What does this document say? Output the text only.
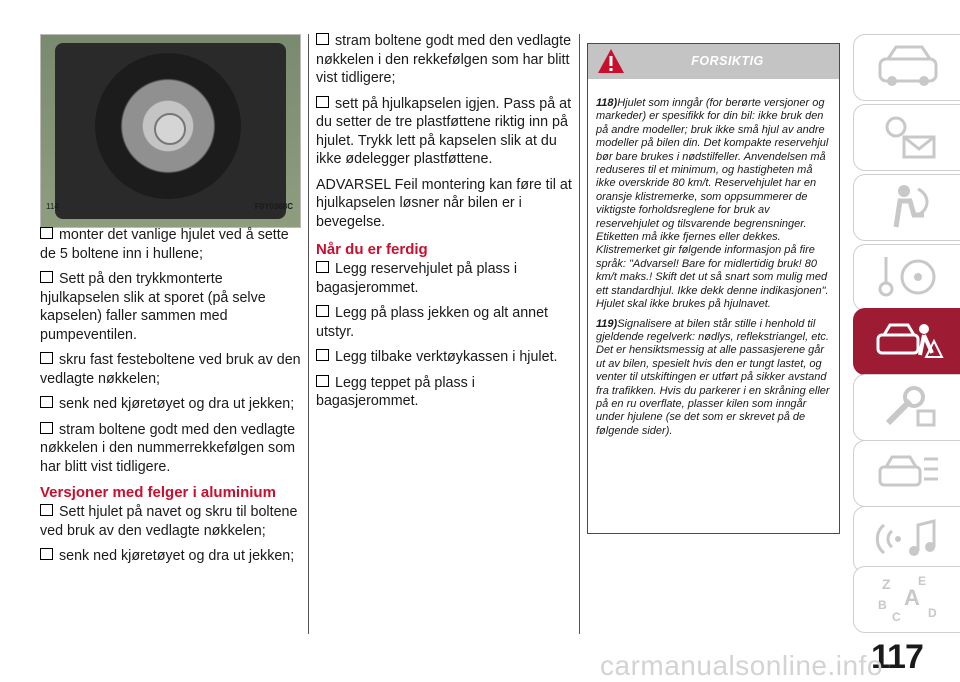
114	F0Y0368C
monter det vanlige hjulet ved å sette de 5 boltene inn i hullene;
Sett på den trykkmonterte hjulkapselen slik at sporet (på selve kapselen) faller sammen med pumpeventilen.
skru fast festeboltene ved bruk av den vedlagte nøkkelen;
senk ned kjøretøyet og dra ut jekken;
stram boltene godt med den vedlagte nøkkelen i den nummerrekkefølgen som har blitt vist tidligere.
Versjoner med felger i aluminium
Sett hjulet på navet og skru til boltene ved bruk av den vedlagte nøkkelen;
senk ned kjøretøyet og dra ut jekken;
stram boltene godt med den vedlagte nøkkelen i den rekkefølgen som har blitt vist tidligere;
sett på hjulkapselen igjen. Pass på at du setter de tre plastføttene riktig inn på hjulet. Trykk lett på kapselen slik at du ikke ødelegger plastføttene.

ADVARSEL Feil montering kan føre til at hjulkapselen løsner når bilen er i bevegelse.

Når du er ferdig
Legg reservehjulet på plass i bagasjerommet.
Legg på plass jekken og alt annet utstyr.
Legg tilbake verktøykassen i hjulet.
Legg teppet på plass i bagasjerommet.
FORSIKTIG

118)Hjulet som inngår (for berørte versjoner og markeder) er spesifikk for din bil: ikke bruk den på andre modeller; bruk ikke små hjul av andre modeller på bilen din. Det kompakte reservehjul bør bare brukes i nødstilfeller. Anvendelsen må reduseres til et minimum, og hastigheten må ikke overskride 80 km/t. Reservehjulet har en oransje klistremerke, som oppsummerer de viktigste forholdsreglene for bruk av reservehjulet og tilsvarende begrensninger. Etiketten må ikke fjernes eller dekkes. Klistremerket gir følgende informasjon på fire språk: "Advarsel! Bare for midlertidig bruk! 80 km/t maks.! Skift det ut så snart som mulig med ett standardhjul. Ikke dekk denne indikasjonen". Hjulet skal ikke brukes på hjulnavet.

119)Signalisere at bilen står stille i henhold til gjeldende regelverk: nødlys, reflekstriangel, etc. Det er hensiktsmessig at alle passasjerene går ut av bilen, spesielt hvis den er tungt lastet, og venter til utskiftingen er utført på sikker avstand fra trafikken. Hvis du parkerer i en skråning eller på en ru overflate, plasser kilen som inngår under hjulene (se det som er skrevet på de følgende sider).

Z E
B A
C D
117
carmanualsonline.info
